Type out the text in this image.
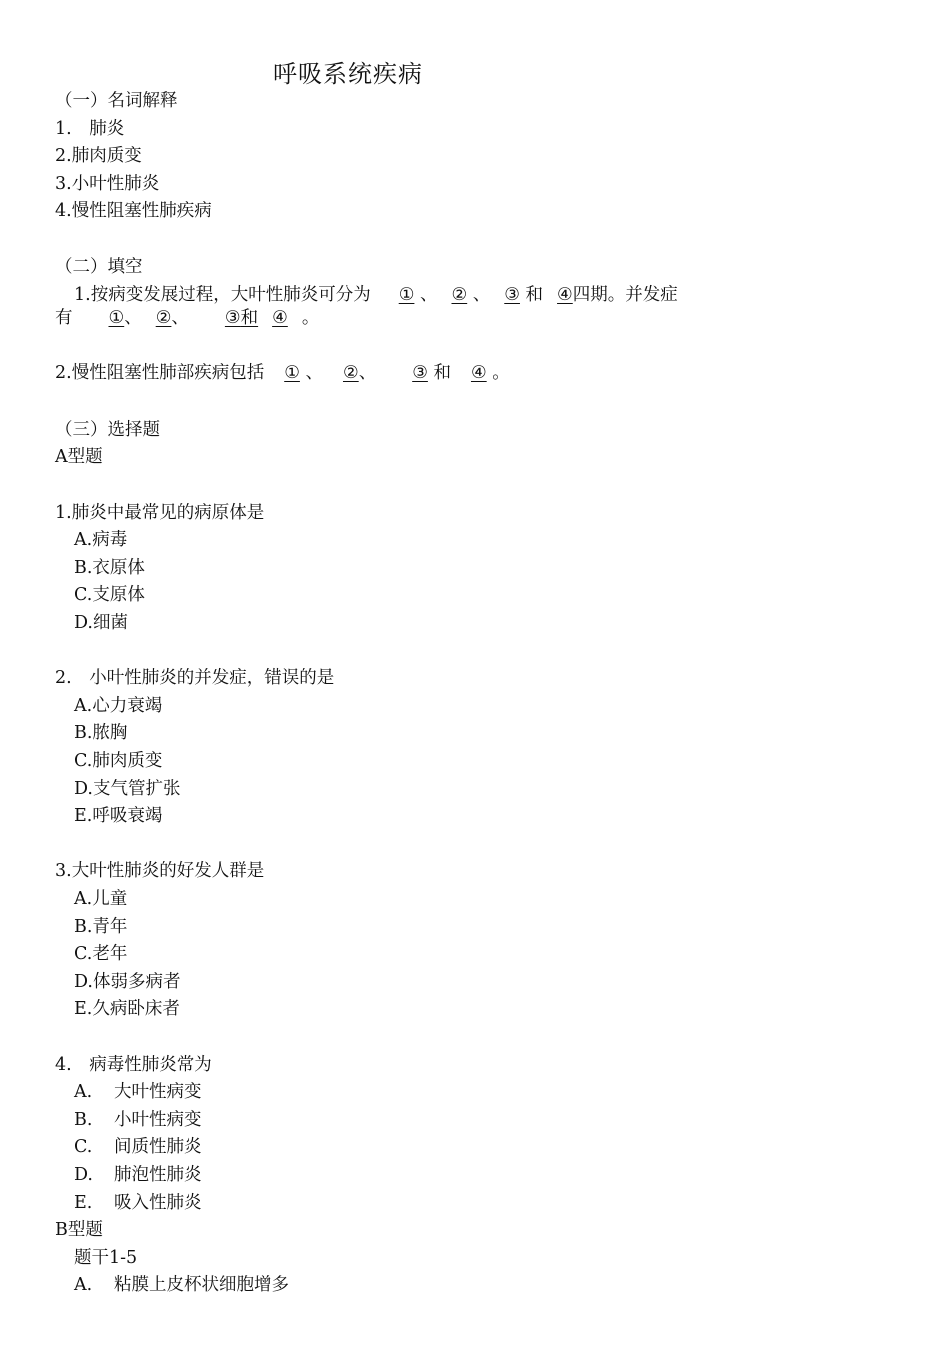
呼吸系统疾病
（一）名词解释
1.　肺炎
2.肺肉质变
3.小叶性肺炎
4.慢性阻塞性肺疾病
（二）填空
1.按病变发展过程，大叶性肺炎可分为 ① 、 ② 、 ③ 和 ④四期。并发症
有 ①、 ②、 ③和 ④ 。
2.慢性阻塞性肺部疾病包括 ① 、 ②、 ③ 和 ④ 。
（三）选择题
A型题
1.肺炎中最常见的病原体是
A.病毒
B.衣原体
C.支原体
D.细菌
2.　小叶性肺炎的并发症，错误的是
A.心力衰竭
B.脓胸
C.肺肉质变
D.支气管扩张
E.呼吸衰竭
3.大叶性肺炎的好发人群是
A.儿童
B.青年
C.老年
D.体弱多病者
E.久病卧床者
4.　病毒性肺炎常为
A. 大叶性病变
B. 小叶性病变
C. 间质性肺炎
D. 肺泡性肺炎
E. 吸入性肺炎
B型题
题干1-5
A. 粘膜上皮杯状细胞增多
